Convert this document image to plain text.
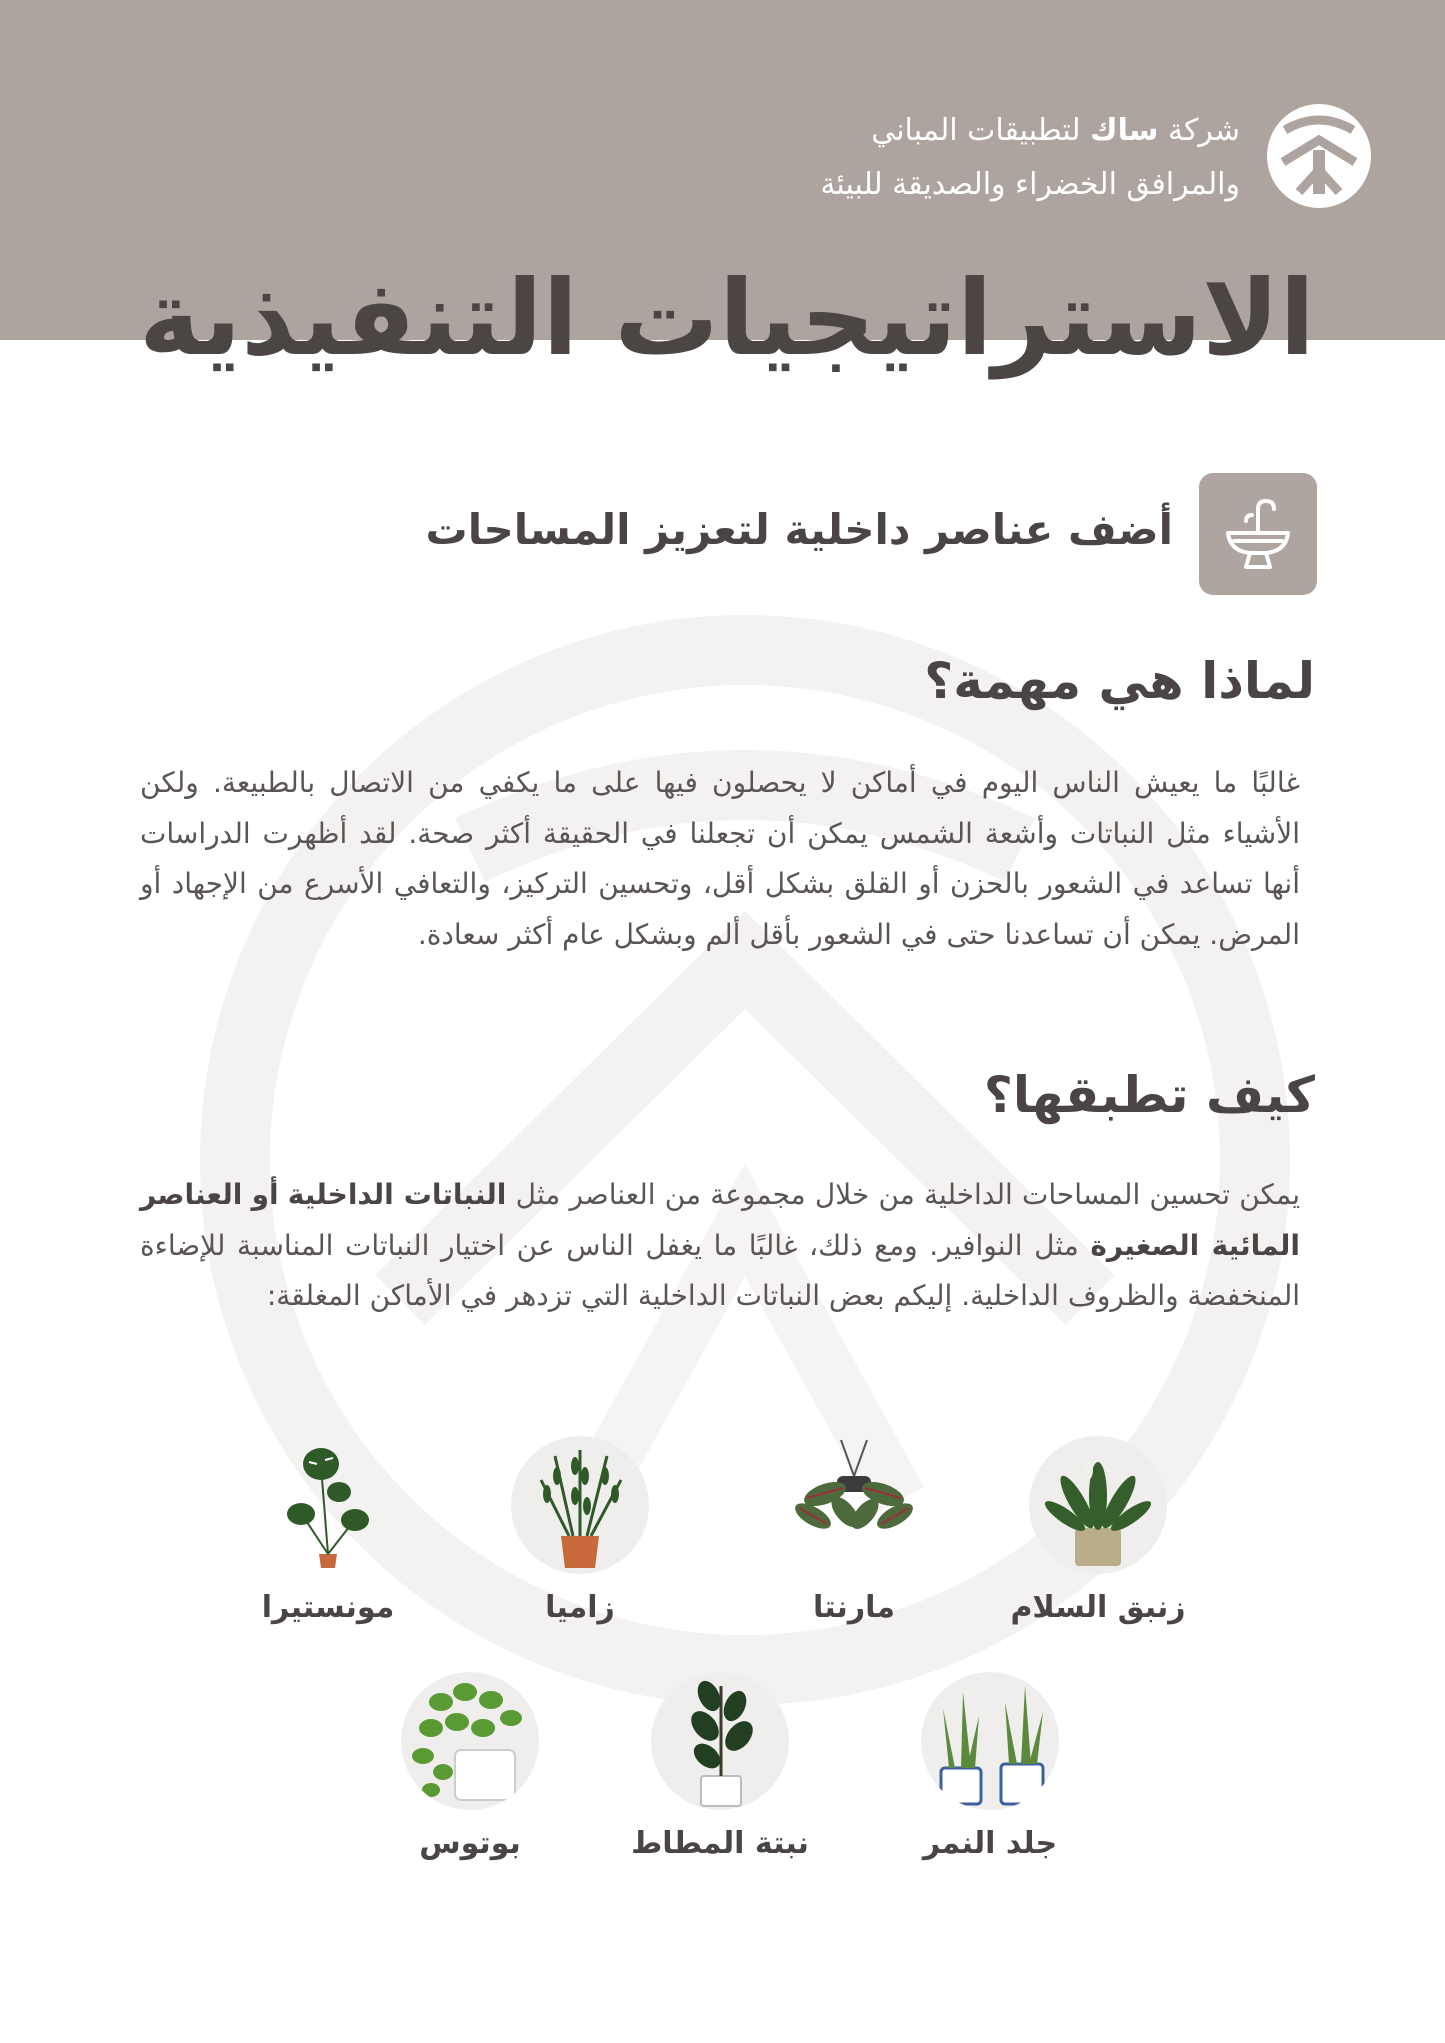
شركة ساك لتطبيقات المباني
والمرافق الخضراء والصديقة للبيئة
الاستراتيجيات التنفيذية
أضف عناصر داخلية لتعزيز المساحات
لماذا هي مهمة؟
غالبًا ما يعيش الناس اليوم في أماكن لا يحصلون فيها على ما يكفي من الاتصال بالطبيعة. ولكن الأشياء مثل النباتات وأشعة الشمس يمكن أن تجعلنا في الحقيقة أكثر صحة. لقد أظهرت الدراسات أنها تساعد في الشعور بالحزن أو القلق بشكل أقل، وتحسين التركيز، والتعافي الأسرع من الإجهاد أو المرض. يمكن أن تساعدنا حتى في الشعور بأقل ألم وبشكل عام أكثر سعادة.
كيف تطبقها؟
يمكن تحسين المساحات الداخلية من خلال مجموعة من العناصر مثل النباتات الداخلية أو العناصر المائية الصغيرة مثل النوافير. ومع ذلك، غالبًا ما يغفل الناس عن اختيار النباتات المناسبة للإضاءة المنخفضة والظروف الداخلية. إليكم بعض النباتات الداخلية التي تزدهر في الأماكن المغلقة:
زنبق السلام
مارنتا
زاميا
مونستيرا
جلد النمر
نبتة المطاط
بوتوس
